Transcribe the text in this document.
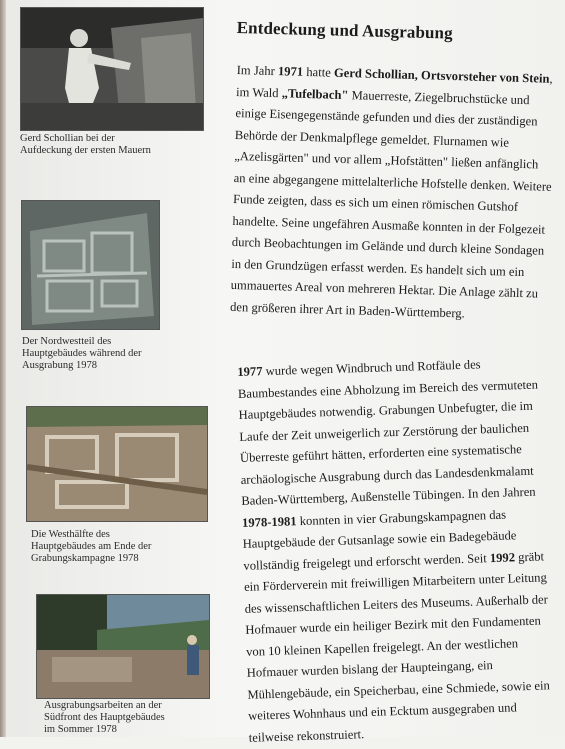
Gerd Schollian bei der
Aufdeckung der ersten Mauern
Der Nordwestteil des
Hauptgebäudes während der
Ausgrabung 1978
Die Westhälfte des
Hauptgebäudes am Ende der
Grabungskampagne 1978
Ausgrabungsarbeiten an der
Südfront des Hauptgebäudes
im Sommer 1978
Entdeckung und Ausgrabung

Im Jahr 1971 hatte Gerd Schollian, Ortsvorsteher von Stein, im Wald „Tufelbach" Mauerreste, Ziegelbruchstücke und einige Eisengegenstände gefunden und dies der zuständigen Behörde der Denkmalpflege gemeldet. Flurnamen wie „Azelisgärten" und vor allem „Hofstätten" ließen anfänglich an eine abgegangene mittelalterliche Hofstelle denken. Weitere Funde zeigten, dass es sich um einen römischen Gutshof handelte. Seine ungefähren Ausmaße konnten in der Folgezeit durch Beobachtungen im Gelände und durch kleine Sondagen in den Grundzügen erfasst werden. Es handelt sich um ein ummauertes Areal von mehreren Hektar. Die Anlage zählt zu den größeren ihrer Art in Baden-Württemberg.

1977 wurde wegen Windbruch und Rotfäule des Baumbestandes eine Abholzung im Bereich des vermuteten Hauptgebäudes notwendig. Grabungen Unbefugter, die im Laufe der Zeit unweigerlich zur Zerstörung der baulichen Überreste geführt hätten, erforderten eine systematische archäologische Ausgrabung durch das Landesdenkmalamt Baden-Württemberg, Außenstelle Tübingen. In den Jahren 1978-1981 konnten in vier Grabungskampagnen das Hauptgebäude der Gutsanlage sowie ein Badegebäude vollständig freigelegt und erforscht werden. Seit 1992 gräbt ein Förderverein mit freiwilligen Mitarbeitern unter Leitung des wissenschaftlichen Leiters des Museums. Außerhalb der Hofmauer wurde ein heiliger Bezirk mit den Fundamenten von 10 kleinen Kapellen freigelegt. An der westlichen Hofmauer wurden bislang der Haupteingang, ein Mühlengebäude, ein Speicherbau, eine Schmiede, sowie ein weiteres Wohnhaus und ein Ecktum ausgegraben und teilweise rekonstruiert.
